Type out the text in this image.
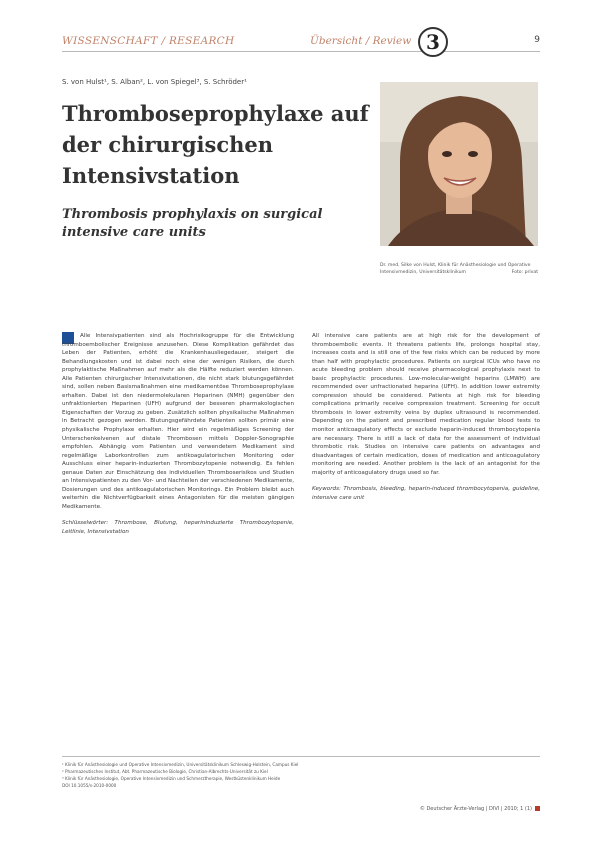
WISSENSCHAFT / RESEARCH	Übersicht / Review 3	9
S. von Hulst¹, S. Alban², L. von Spiegel³, S. Schröder¹
Thromboseprophylaxe auf der chirurgischen Intensivstation
Thrombosis prophylaxis on surgical intensive care units
Dr. med. Silke von Hulst, Klinik für Anästhesiologie und Operative Intensivmedizin, Universitätsklinikum	Foto: privat

Alle Intensivpatienten sind als Hochrisikogruppe für die Entwicklung thromboembolischer Ereignisse anzusehen. Diese Komplikation gefährdet das Leben der Patienten, erhöht die Krankenhausliegedauer, steigert die Behandlungskosten und ist dabei noch eine der wenigen Risiken, die durch prophylaktische Maßnahmen auf mehr als die Hälfte reduziert werden können. Alle Patienten chirurgischer Intensivstationen, die nicht stark blutungsgefährdet sind, sollen neben Basismaßnahmen eine medikamentöse Thromboseprophylaxe erhalten. Dabei ist den niedermolekularen Heparinen (NMH) gegenüber den unfraktionierten Heparinen (UFH) aufgrund der besseren pharmakologischen Eigenschaften der Vorzug zu geben. Zusätzlich sollten physikalische Maßnahmen in Betracht gezogen werden. Blutungsgefährdete Patienten sollten primär eine physikalische Prophylaxe erhalten. Hier wird ein regelmäßiges Screening der Unterschenkelvenen auf distale Thrombosen mittels Doppler-Sonographie empfohlen. Abhängig vom Patienten und verwendetem Medikament sind regelmäßige Laborkontrollen zum antikoagulatorischen Monitoring oder Ausschluss einer heparin-induzierten Thrombozytopenie notwendig. Es fehlen genaue Daten zur Einschätzung des individuellen Thromboserisikos und Studien an Intensivpatienten zu den Vor- und Nachteilen der verschiedenen Medikamente, Dosierungen und des antikoagulatorischen Monitorings. Ein Problem bleibt auch weiterhin die Nichtverfügbarkeit eines Antagonisten für die meisten gängigen Medikamente.

Schlüsselwörter: Thrombose, Blutung, heparininduzierte Thrombozytopenie, Leitlinie, Intensivstation

All intensive care patients are at high risk for the development of thromboembolic events. It threatens patients life, prolongs hospital stay, increases costs and is still one of the few risks which can be reduced by more than half with prophylactic procedures. Patients on surgical ICUs who have no acute bleeding problem should receive pharmacological prophylaxis next to basic prophylactic procedures. Low-molecular-weight heparins (LMWH) are recommended over unfractionated heparins (UFH). In addition lower extremity compression should be considered. Patients at high risk for bleeding complications primarily receive compression treatment. Screening for occult thrombosis in lower extremity veins by duplex ultrasound is recommended. Depending on the patient and prescribed medication regular blood tests to monitor anticoagulatory effects or exclude heparin-induced thrombocytopenia are necessary. There is still a lack of data for the assessment of individual thrombotic risk. Studies on intensive care patients on advantages and disadvantages of certain medication, doses of medication and anticoagulatory monitoring are needed. Another problem is the lack of an antagonist for the majority of anticoagulatory drugs used so far.

Keywords: Thrombosis, bleeding, heparin-induced thrombocytopenia, guideline, intensive care unit

¹ Klinik für Anästhesiologie und Operative Intensivmedizin, Universitätsklinikum Schleswig-Holstein, Campus Kiel
² Pharmazeutisches Institut, Abt. Pharmazeutische Biologie, Christian-Albrechts-Universität zu Kiel
³ Klinik für Anästhesiologie, Operative Intensivmedizin und Schmerztherapie, Westküstenklinikum Heide
DOI 10.1055/s-2010-0000
© Deutscher Ärzte-Verlag | DIVI | 2010; 1 (1)
